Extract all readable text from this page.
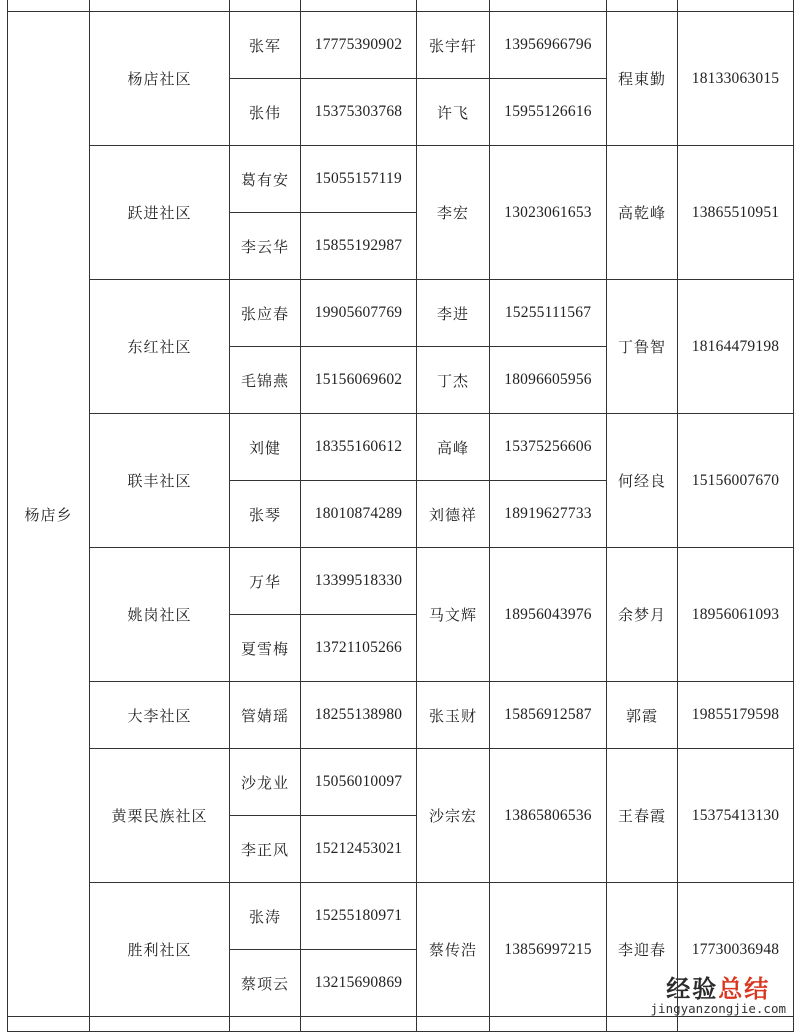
杨店乡	杨店社区	张军	17775390902	张宇轩	13956966796	程東勤	18133063015
		张伟	15375303768	许飞	15955126616		
	跃进社区	葛有安	15055157119	李宏	13023061653	高乾峰	13865510951
		李云华	15855192987				
	东红社区	张应春	19905607769	李进	15255111567	丁鲁智	18164479198
		毛锦燕	15156069602	丁杰	18096605956		
	联丰社区	刘健	18355160612	高峰	15375256606	何经良	15156007670
		张琴	18010874289	刘德祥	18919627733		
	姚岗社区	万华	13399518330	马文辉	18956043976	余梦月	18956061093
		夏雪梅	13721105266				
	大李社区	管婧瑶	18255138980	张玉财	15856912587	郭霞	19855179598
	黄栗民族社区	沙龙业	15056010097	沙宗宏	13865806536	王春霞	15375413130
		李正风	15212453021				
	胜利社区	张涛	15255180971	蔡传浩	13856997215	李迎春	17730036948
		蔡项云	13215690869				
								经验总结
jingyanzongjie.com
